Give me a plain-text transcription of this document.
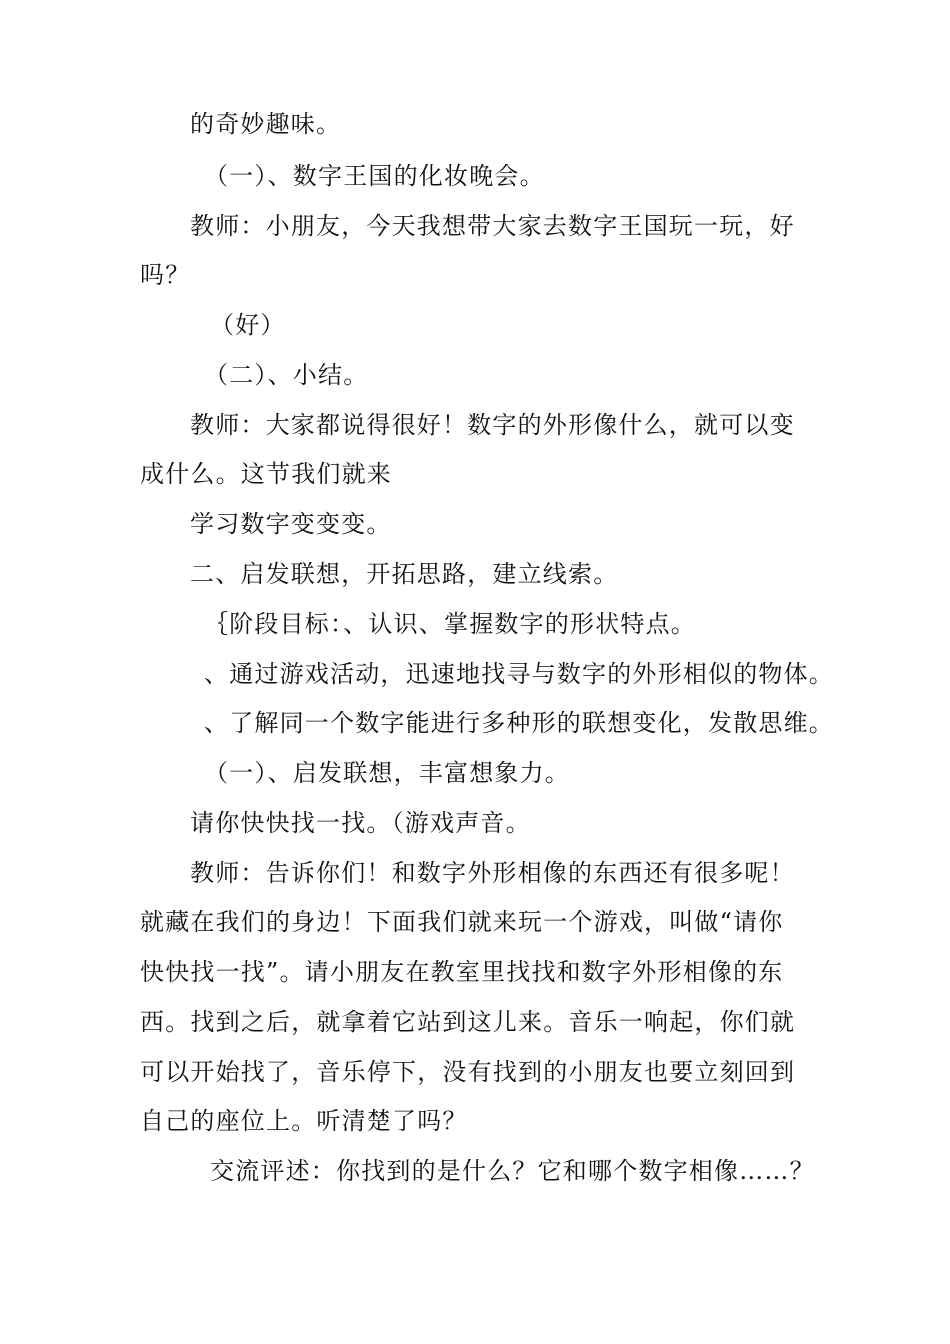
的奇妙趣味。
（一）、数字王国的化妆晚会。
教师：小朋友，今天我想带大家去数字王国玩一玩，好
吗？
（好）
（二）、小结。
教师：大家都说得很好！数字的外形像什么，就可以变
成什么。这节我们就来
学习数字变变变。
二、启发联想，开拓思路，建立线索。
｛阶段目标：、认识、掌握数字的形状特点。
、通过游戏活动，迅速地找寻与数字的外形相似的物体。
、了解同一个数字能进行多种形的联想变化，发散思维。
（一）、启发联想，丰富想象力。
请你快快找一找。（游戏声音。
教师：告诉你们！和数字外形相像的东西还有很多呢！
就藏在我们的身边！下面我们就来玩一个游戏，叫做“请你
快快找一找”。请小朋友在教室里找找和数字外形相像的东
西。找到之后，就拿着它站到这儿来。音乐一响起，你们就
可以开始找了，音乐停下，没有找到的小朋友也要立刻回到
自己的座位上。听清楚了吗？
交流评述：你找到的是什么？它和哪个数字相像……？
